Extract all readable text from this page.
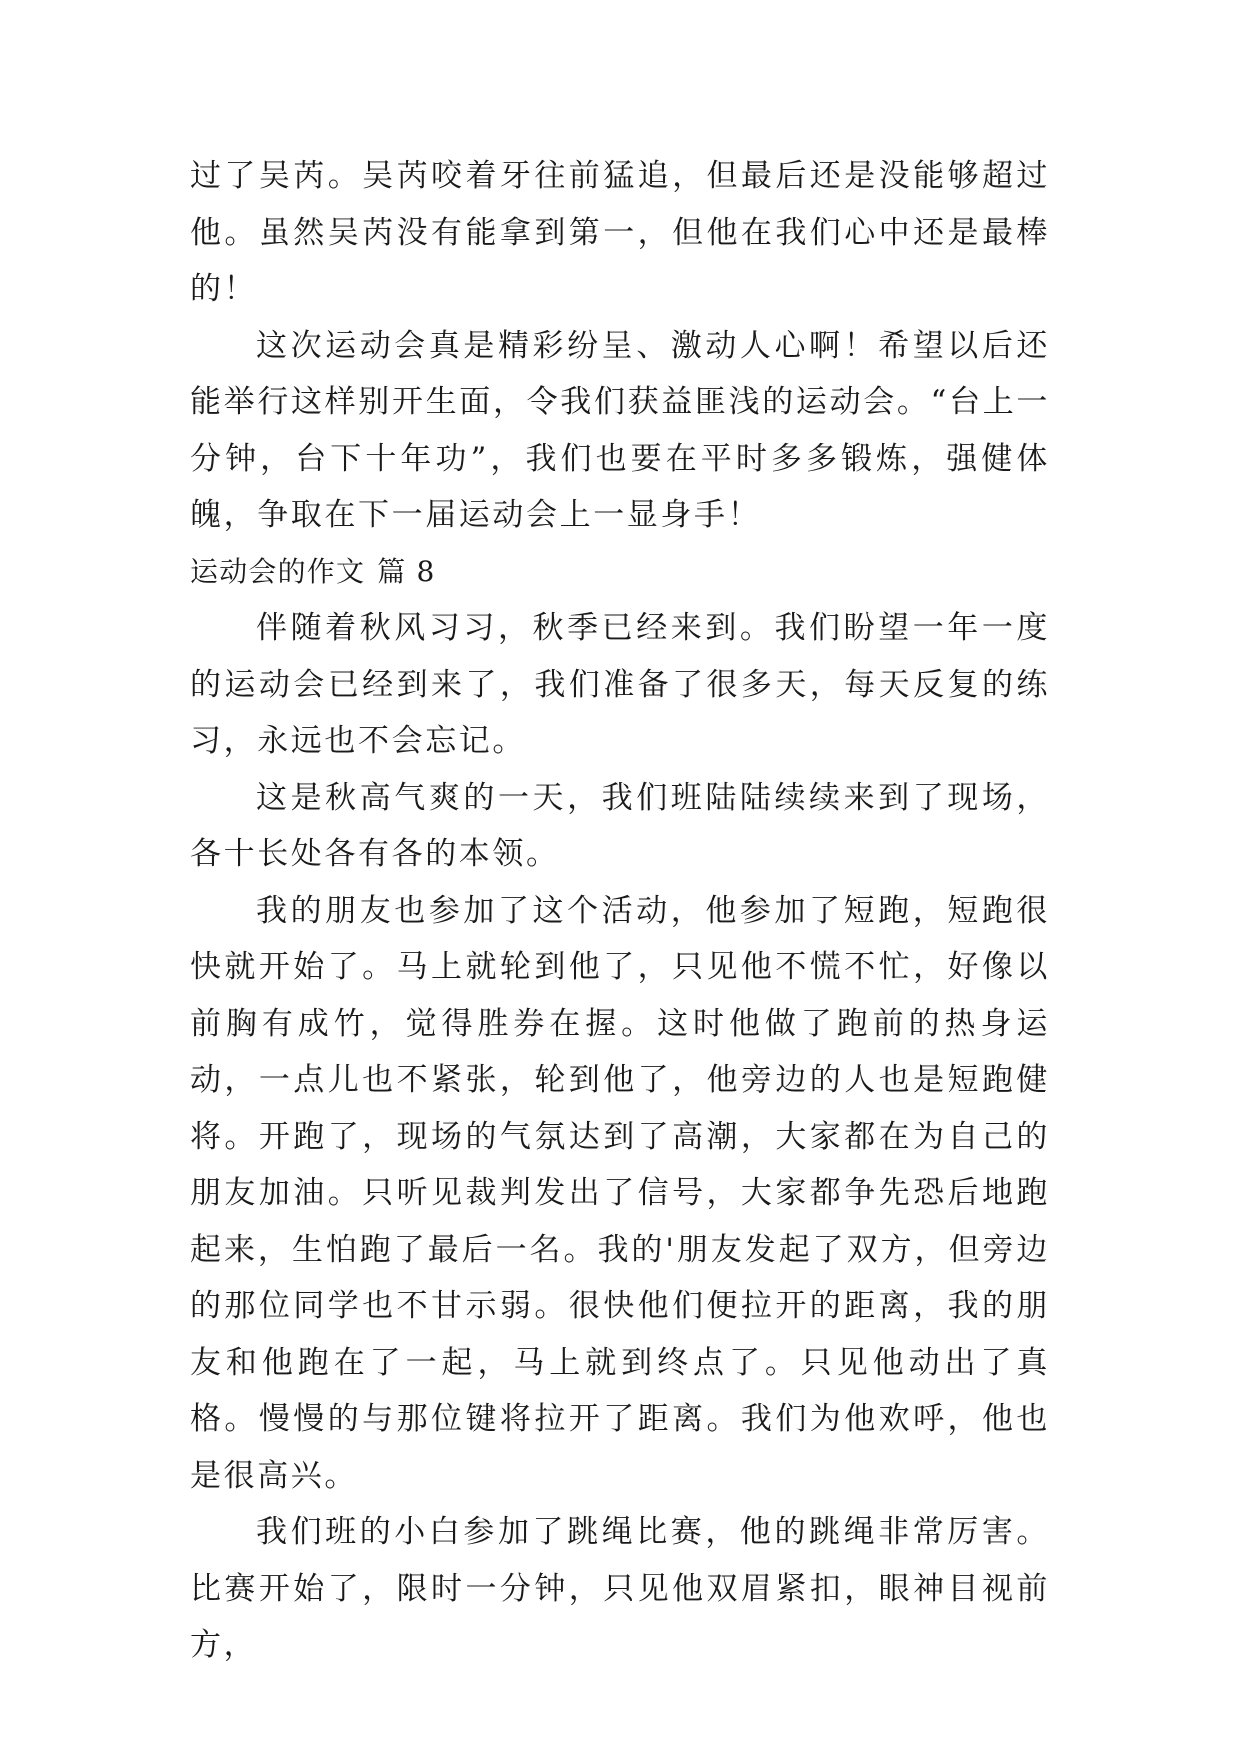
过了吴芮。吴芮咬着牙往前猛追，但最后还是没能够超过他。虽然吴芮没有能拿到第一，但他在我们心中还是最棒的！

这次运动会真是精彩纷呈、激动人心啊！希望以后还能举行这样别开生面，令我们获益匪浅的运动会。“台上一分钟，台下十年功”，我们也要在平时多多锻炼，强健体魄，争取在下一届运动会上一显身手！

运动会的作文 篇 8

伴随着秋风习习，秋季已经来到。我们盼望一年一度的运动会已经到来了，我们准备了很多天，每天反复的练习，永远也不会忘记。

这是秋高气爽的一天，我们班陆陆续续来到了现场，各十长处各有各的本领。

我的朋友也参加了这个活动，他参加了短跑，短跑很快就开始了。马上就轮到他了，只见他不慌不忙，好像以前胸有成竹，觉得胜券在握。这时他做了跑前的热身运动，一点儿也不紧张，轮到他了，他旁边的人也是短跑健将。开跑了，现场的气氛达到了高潮，大家都在为自己的朋友加油。只听见裁判发出了信号，大家都争先恐后地跑起来，生怕跑了最后一名。我的'朋友发起了双方，但旁边的那位同学也不甘示弱。很快他们便拉开的距离，我的朋友和他跑在了一起，马上就到终点了。只见他动出了真格。慢慢的与那位键将拉开了距离。我们为他欢呼，他也是很高兴。

我们班的小白参加了跳绳比赛，他的跳绳非常厉害。比赛开始了，限时一分钟，只见他双眉紧扣，眼神目视前方，
